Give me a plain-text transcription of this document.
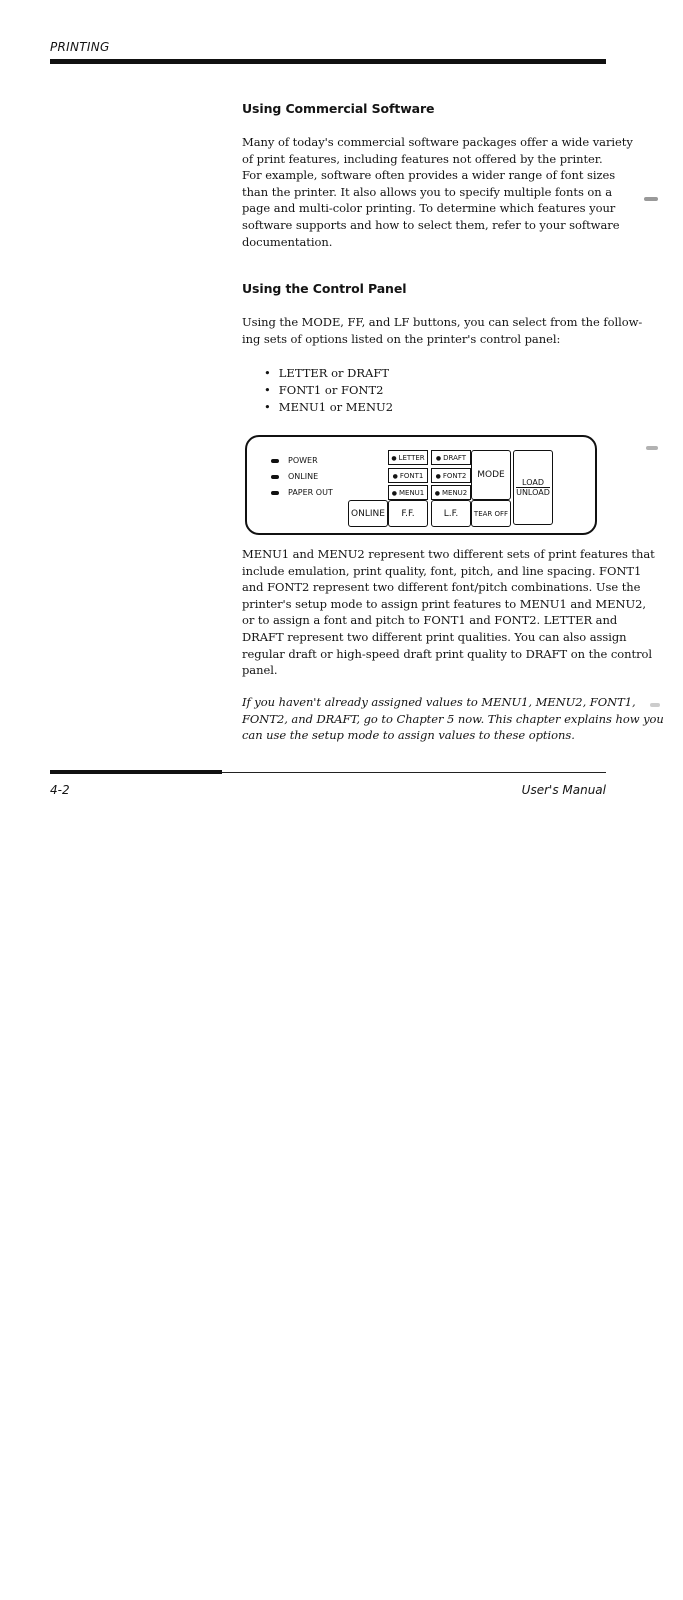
PRINTING
Using Commercial Software

Many of today's commercial software packages offer a wide variety
of print features, including features not offered by the printer.
For example, software often provides a wider range of font sizes
than the printer. It also allows you to specify multiple fonts on a
page and multi-color printing. To determine which features your
software supports and how to select them, refer to your software
documentation.

Using the Control Panel

Using the MODE, FF, and LF buttons, you can select from the follow-
ing sets of options listed on the printer's control panel:

• LETTER or DRAFT
• FONT1 or FONT2
• MENU1 or MENU2
POWER
ONLINE
PAPER OUT
● LETTER	● DRAFT
● FONT1	● FONT2
● MENU1	● MENU2
MODE
LOAD
UNLOAD
ONLINE F.F.	L.F. TEAR OFF

MENU1 and MENU2 represent two different sets of print features that
include emulation, print quality, font, pitch, and line spacing. FONT1
and FONT2 represent two different font/pitch combinations. Use the
printer's setup mode to assign print features to MENU1 and MENU2,
or to assign a font and pitch to FONT1 and FONT2. LETTER and
DRAFT represent two different print qualities. You can also assign
regular draft or high-speed draft print quality to DRAFT on the control
panel.

If you haven't already assigned values to MENU1, MENU2, FONT1,
FONT2, and DRAFT, go to Chapter 5 now. This chapter explains how you
can use the setup mode to assign values to these options.

4-2	User's Manual
